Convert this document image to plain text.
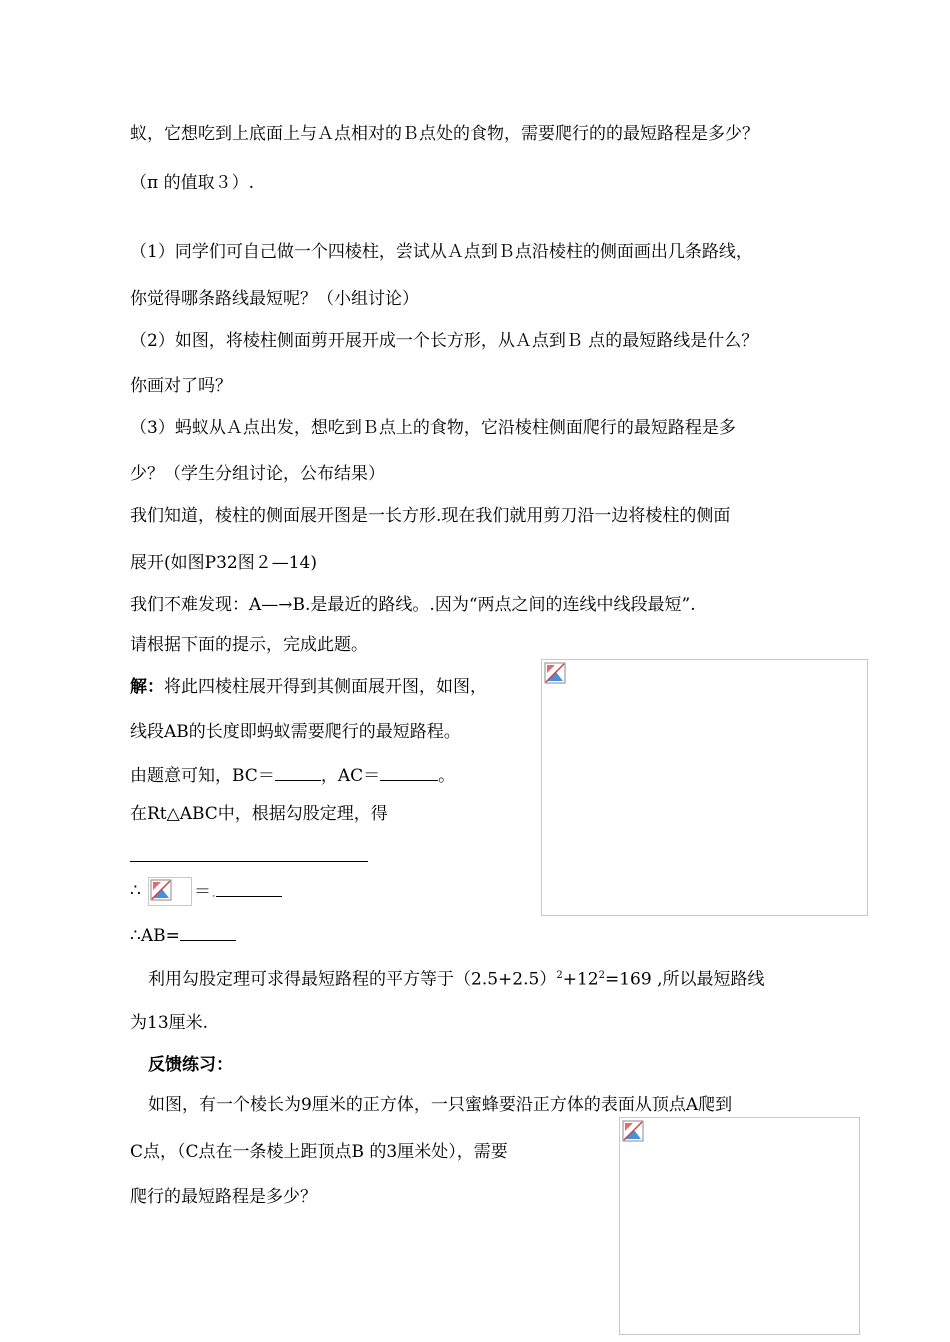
蚁，它想吃到上底面上与Ａ点相对的Ｂ点处的食物，需要爬行的的最短路程是多少？
（π 的值取３）.
（1）同学们可自己做一个四棱柱，尝试从Ａ点到Ｂ点沿棱柱的侧面画出几条路线，
你觉得哪条路线最短呢？（小组讨论）
（2）如图，将棱柱侧面剪开展开成一个长方形，从Ａ点到Ｂ 点的最短路线是什么？
你画对了吗？
（3）蚂蚁从Ａ点出发，想吃到Ｂ点上的食物，它沿棱柱侧面爬行的最短路程是多
少？（学生分组讨论，公布结果）
我们知道，棱柱的侧面展开图是一长方形.现在我们就用剪刀沿一边将棱柱的侧面
展开(如图P32图２—14)
我们不难发现：A—→B.是最近的路线。.因为“两点之间的连线中线段最短”.
请根据下面的提示，完成此题。
解：将此四棱柱展开得到其侧面展开图，如图，
线段AB的长度即蚂蚁需要爬行的最短路程。
由题意可知，BC＝	，AC＝	。
在Rt△ABC中，根据勾股定理，得
∴	＝.
∴AB=
利用勾股定理可求得最短路程的平方等于$(2.5+2.5)^2+12^2=169$ ,所以最短路线
为13厘米.
反馈练习：
如图，有一个棱长为9厘米的正方体，一只蜜蜂要沿正方体的表面从顶点A爬到
C点，（C点在一条棱上距顶点B 的3厘米处），需要
爬行的最短路程是多少？
